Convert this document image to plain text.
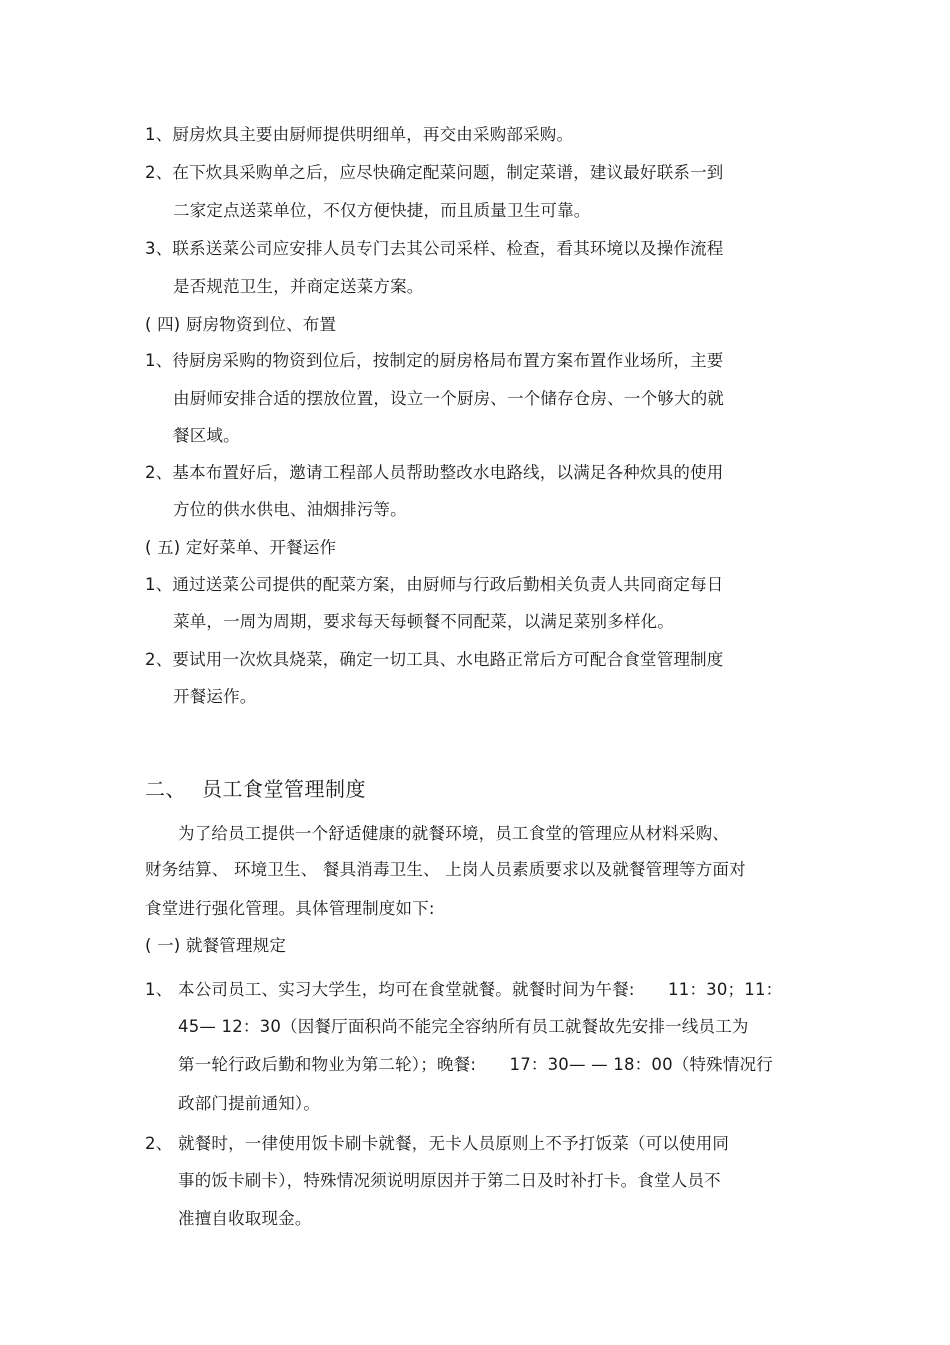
1、厨房炊具主要由厨师提供明细单，再交由采购部采购。
2、在下炊具采购单之后，应尽快确定配菜问题，制定菜谱，建议最好联系一到
二家定点送菜单位，不仅方便快捷，而且质量卫生可靠。
3、联系送菜公司应安排人员专门去其公司采样、检查，看其环境以及操作流程
是否规范卫生，并商定送菜方案。
( 四) 厨房物资到位、布置
1、待厨房采购的物资到位后，按制定的厨房格局布置方案布置作业场所，主要
由厨师安排合适的摆放位置，设立一个厨房、一个储存仓房、一个够大的就
餐区域。
2、基本布置好后，邀请工程部人员帮助整改水电路线，以满足各种炊具的使用
方位的供水供电、油烟排污等。
( 五) 定好菜单、开餐运作
1、通过送菜公司提供的配菜方案，由厨师与行政后勤相关负责人共同商定每日
菜单，一周为周期，要求每天每顿餐不同配菜，以满足菜别多样化。
2、要试用一次炊具烧菜，确定一切工具、水电路正常后方可配合食堂管理制度
开餐运作。
二、 员工食堂管理制度
为了给员工提供一个舒适健康的就餐环境，员工食堂的管理应从材料采购、
财务结算、 环境卫生、 餐具消毒卫生、 上岗人员素质要求以及就餐管理等方面对
食堂进行强化管理。具体管理制度如下:
( 一) 就餐管理规定
1、 本公司员工、实习大学生，均可在食堂就餐。就餐时间为午餐:　　11：30；11：
45— 12：30（因餐厅面积尚不能完全容纳所有员工就餐故先安排一线员工为
第一轮行政后勤和物业为第二轮）；晚餐:　　17：30— — 18：00（特殊情况行
政部门提前通知）。
2、 就餐时，一律使用饭卡刷卡就餐，无卡人员原则上不予打饭菜（可以使用同
事的饭卡刷卡），特殊情况须说明原因并于第二日及时补打卡。食堂人员不
准擅自收取现金。
